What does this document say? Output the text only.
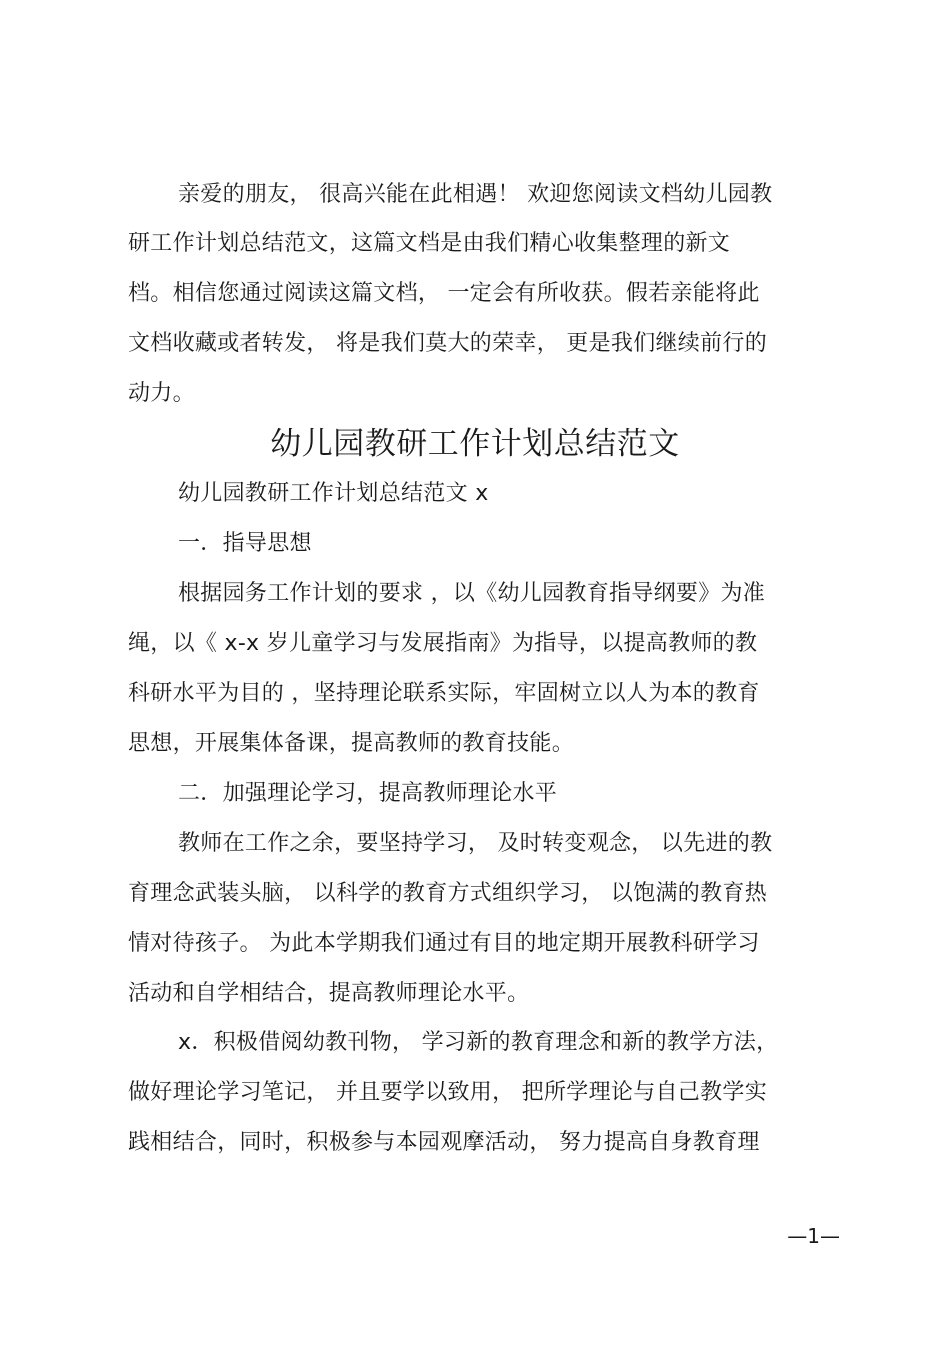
亲爱的朋友， 很高兴能在此相遇！ 欢迎您阅读文档幼儿园教
研工作计划总结范文，这篇文档是由我们精心收集整理的新文
档。相信您通过阅读这篇文档， 一定会有所收获。假若亲能将此
文档收藏或者转发， 将是我们莫大的荣幸， 更是我们继续前行的
动力。
幼儿园教研工作计划总结范文
幼儿园教研工作计划总结范文 x
一．指导思想
根据园务工作计划的要求 ，以《幼儿园教育指导纲要》为准
绳，以《 x-x 岁儿童学习与发展指南》为指导，以提高教师的教
科研水平为目的 ，坚持理论联系实际，牢固树立以人为本的教育
思想，开展集体备课，提高教师的教育技能。
二．加强理论学习，提高教师理论水平
教师在工作之余，要坚持学习， 及时转变观念， 以先进的教
育理念武装头脑， 以科学的教育方式组织学习， 以饱满的教育热
情对待孩子。 为此本学期我们通过有目的地定期开展教科研学习
活动和自学相结合，提高教师理论水平。
x．积极借阅幼教刊物， 学习新的教育理念和新的教学方法，
做好理论学习笔记， 并且要学以致用， 把所学理论与自己教学实
践相结合，同时，积极参与本园观摩活动， 努力提高自身教育理
—1—
